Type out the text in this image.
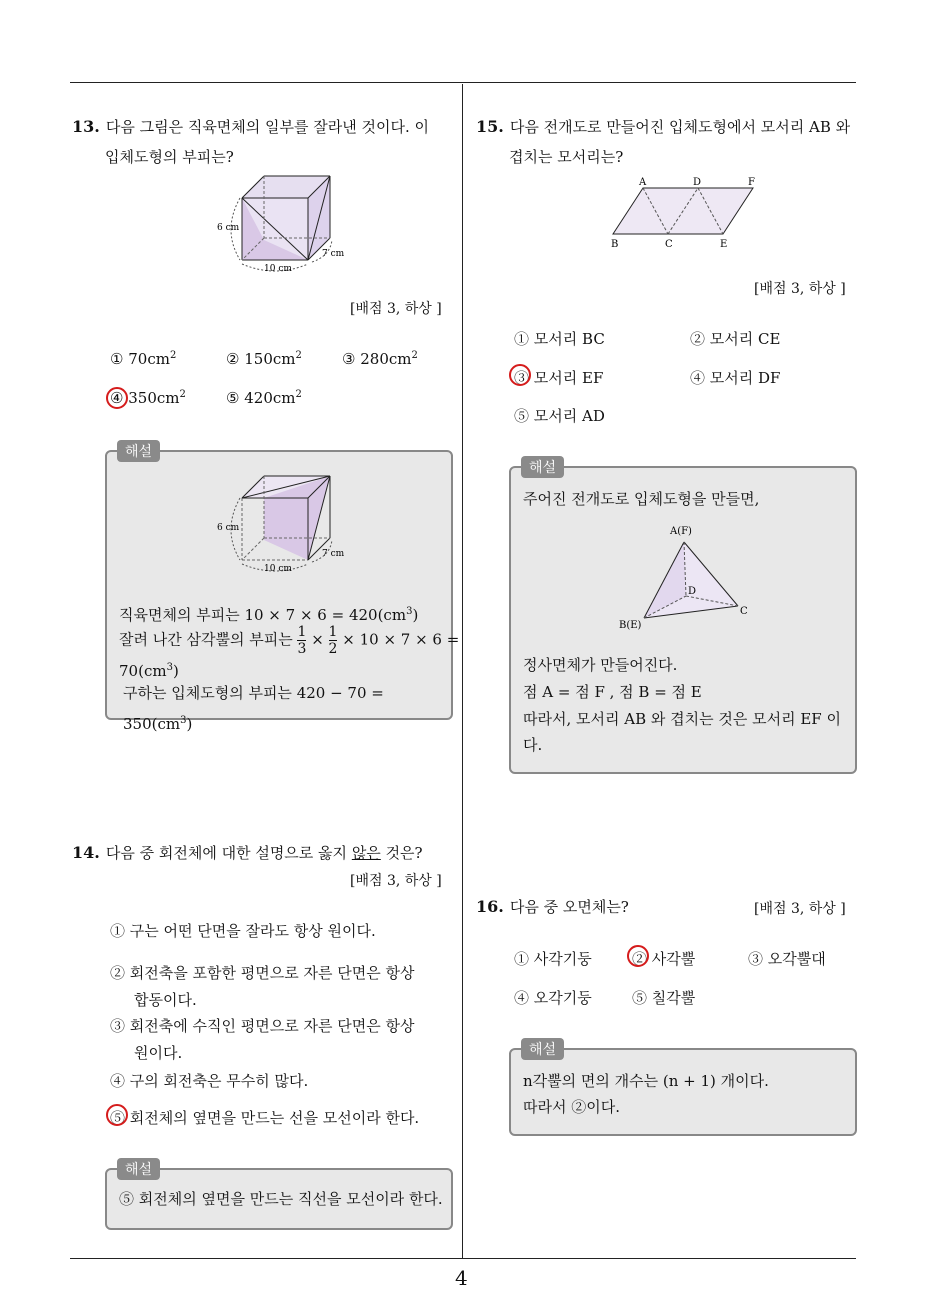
13. 다음 그림은 직육면체의 일부를 잘라낸 것이다. 이
입체도형의 부피는?
6 cm
10 cm
7 cm
[배점 3, 하상 ]
① $70cm^2$	② $150cm^2$	③ $280cm^2$
④ $350cm^2$	⑤ $420cm^2$
해설
6 cm
10 cm
7 cm
직육면체의 부피는 $10 \times 7 \times 6 = 420(cm^3)$
잘려 나간 삼각뿔의 부피는 $\frac{1}{3} \times \frac{1}{2} \times 10 \times 7 \times 6$ =
$70(cm^3)$
구하는 입체도형의 부피는 $420 - 70 = 350(cm^3)$
14. 다음 중 회전체에 대한 설명으로 옳지 않은 것은?
[배점 3, 하상 ]
① 구는 어떤 단면을 잘라도 항상 원이다.
② 회전축을 포함한 평면으로 자른 단면은 항상
합동이다.
③ 회전축에 수직인 평면으로 자른 단면은 항상
원이다.
④ 구의 회전축은 무수히 많다.
⑤ 회전체의 옆면을 만드는 선을 모선이라 한다.
해설
⑤ 회전체의 옆면을 만드는 직선을 모선이라 한다.
15. 다음 전개도로 만들어진 입체도형에서 모서리 AB 와
겹치는 모서리는?
A	D	F
B	C	E
[배점 3, 하상 ]
① 모서리 BC	② 모서리 CE
③ 모서리 EF	④ 모서리 DF
⑤ 모서리 AD
해설
주어진 전개도로 입체도형을 만들면,
A(F)
D
B(E)
C
정사면체가 만들어진다.
점 A = 점 F , 점 B = 점 E
따라서, 모서리 AB 와 겹치는 것은 모서리 EF 이
다.
16. 다음 중 오면체는?	[배점 3, 하상 ]
① 사각기둥	② 사각뿔	③ 오각뿔대
④ 오각기둥	⑤ 칠각뿔
해설
n각뿔의 면의 개수는 (n + 1) 개이다.
따라서 ②이다.
4
